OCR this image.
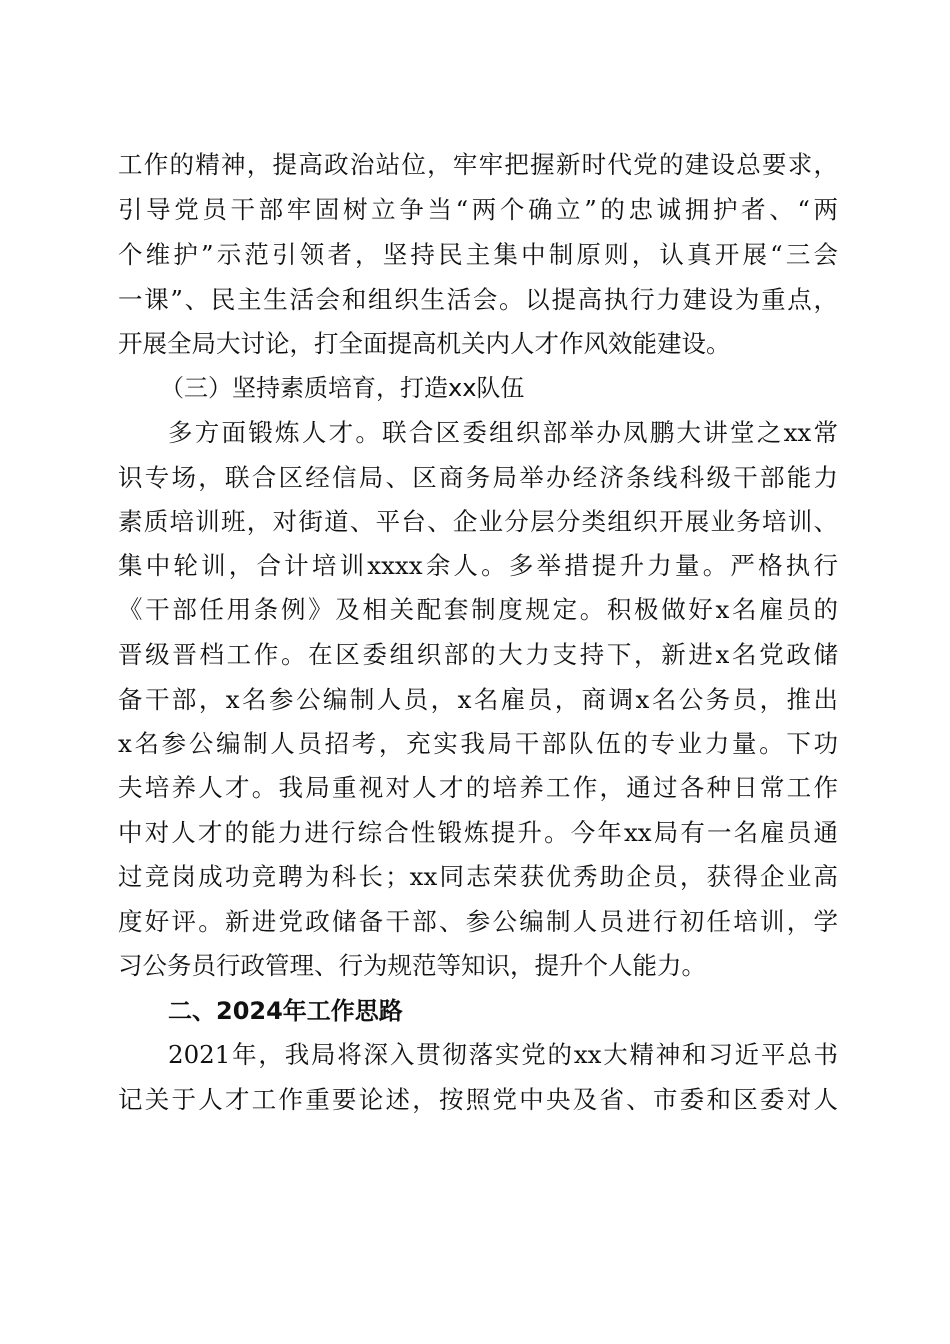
工作的精神，提高政治站位，牢牢把握新时代党的建设总要求，
引导党员干部牢固树立争当“两个确立”的忠诚拥护者、“两
个维护”示范引领者，坚持民主集中制原则，认真开展“三会
一课”、民主生活会和组织生活会。以提高执行力建设为重点，
开展全局大讨论，打全面提高机关内人才作风效能建设。
（三）坚持素质培育，打造xx队伍
多方面锻炼人才。联合区委组织部举办凤鹏大讲堂之xx常
识专场，联合区经信局、区商务局举办经济条线科级干部能力
素质培训班，对街道、平台、企业分层分类组织开展业务培训、
集中轮训，合计培训xxxx余人。多举措提升力量。严格执行
《干部任用条例》及相关配套制度规定。积极做好x名雇员的
晋级晋档工作。在区委组织部的大力支持下，新进x名党政储
备干部，x名参公编制人员，x名雇员，商调x名公务员，推出
x名参公编制人员招考，充实我局干部队伍的专业力量。下功
夫培养人才。我局重视对人才的培养工作，通过各种日常工作
中对人才的能力进行综合性锻炼提升。今年xx局有一名雇员通
过竞岗成功竞聘为科长；xx同志荣获优秀助企员，获得企业高
度好评。新进党政储备干部、参公编制人员进行初任培训，学
习公务员行政管理、行为规范等知识，提升个人能力。
二、2024年工作思路
2021年，我局将深入贯彻落实党的xx大精神和习近平总书
记关于人才工作重要论述，按照党中央及省、市委和区委对人
